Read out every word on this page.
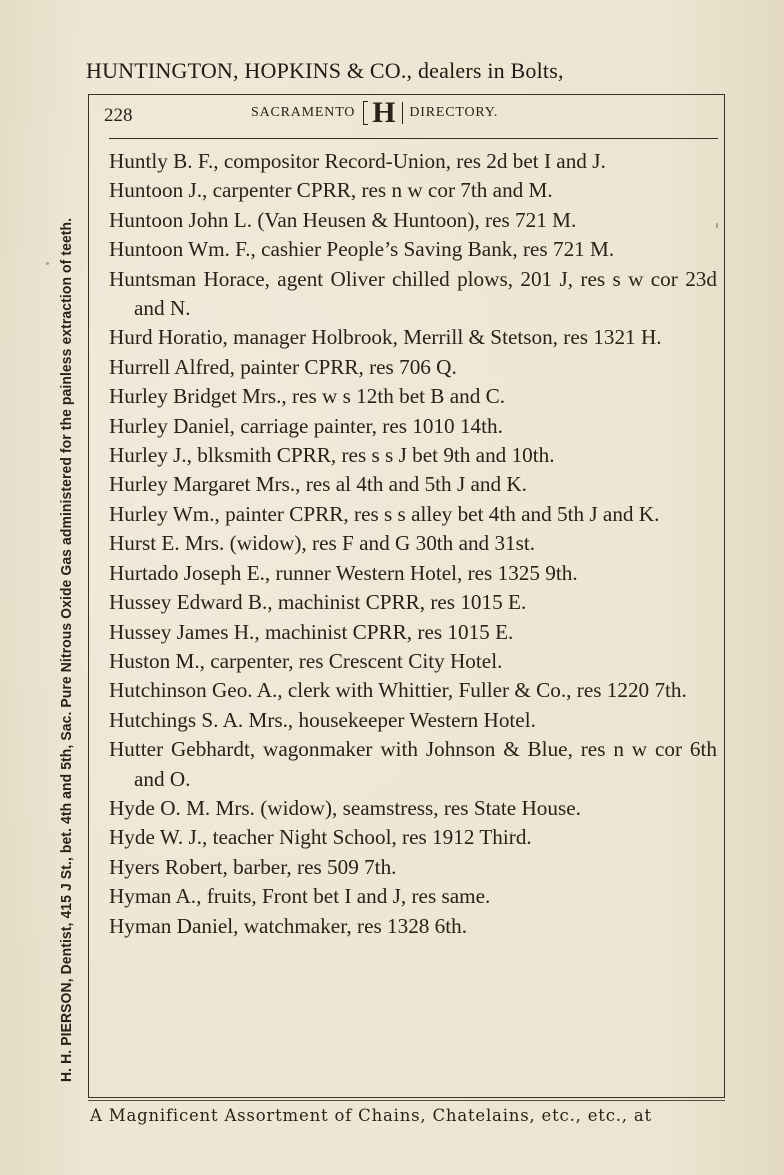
HUNTINGTON, HOPKINS & CO., dealers in Bolts,
H. H. PIERSON, Dentist, 415 J St., bet. 4th and 5th, Sac. Pure Nitrous Oxide Gas administered for the painless extraction of teeth.
228	SACRAMENTO H DIRECTORY.

Huntly B. F., compositor Record-Union, res 2d bet I and J.

Huntoon J., carpenter CPRR, res n w cor 7th and M.

Huntoon John L. (Van Heusen & Huntoon), res 721 M.

Huntoon Wm. F., cashier People’s Saving Bank, res 721 M.

Huntsman Horace, agent Oliver chilled plows, 201 J, res s w cor 23d and N.

Hurd Horatio, manager Holbrook, Merrill & Stetson, res 1321 H.

Hurrell Alfred, painter CPRR, res 706 Q.

Hurley Bridget Mrs., res w s 12th bet B and C.

Hurley Daniel, carriage painter, res 1010 14th.

Hurley J., blksmith CPRR, res s s J bet 9th and 10th.

Hurley Margaret Mrs., res al 4th and 5th J and K.

Hurley Wm., painter CPRR, res s s alley bet 4th and 5th J and K.

Hurst E. Mrs. (widow), res F and G 30th and 31st.

Hurtado Joseph E., runner Western Hotel, res 1325 9th.

Hussey Edward B., machinist CPRR, res 1015 E.

Hussey James H., machinist CPRR, res 1015 E.

Huston M., carpenter, res Crescent City Hotel.

Hutchinson Geo. A., clerk with Whittier, Fuller & Co., res 1220 7th.

Hutchings S. A. Mrs., housekeeper Western Hotel.

Hutter Gebhardt, wagonmaker with Johnson & Blue, res n w cor 6th and O.

Hyde O. M. Mrs. (widow), seamstress, res State House.

Hyde W. J., teacher Night School, res 1912 Third.

Hyers Robert, barber, res 509 7th.

Hyman A., fruits, Front bet I and J, res same.

Hyman Daniel, watchmaker, res 1328 6th.

A Magnificent Assortment of Chains, Chatelains, etc., etc., at
